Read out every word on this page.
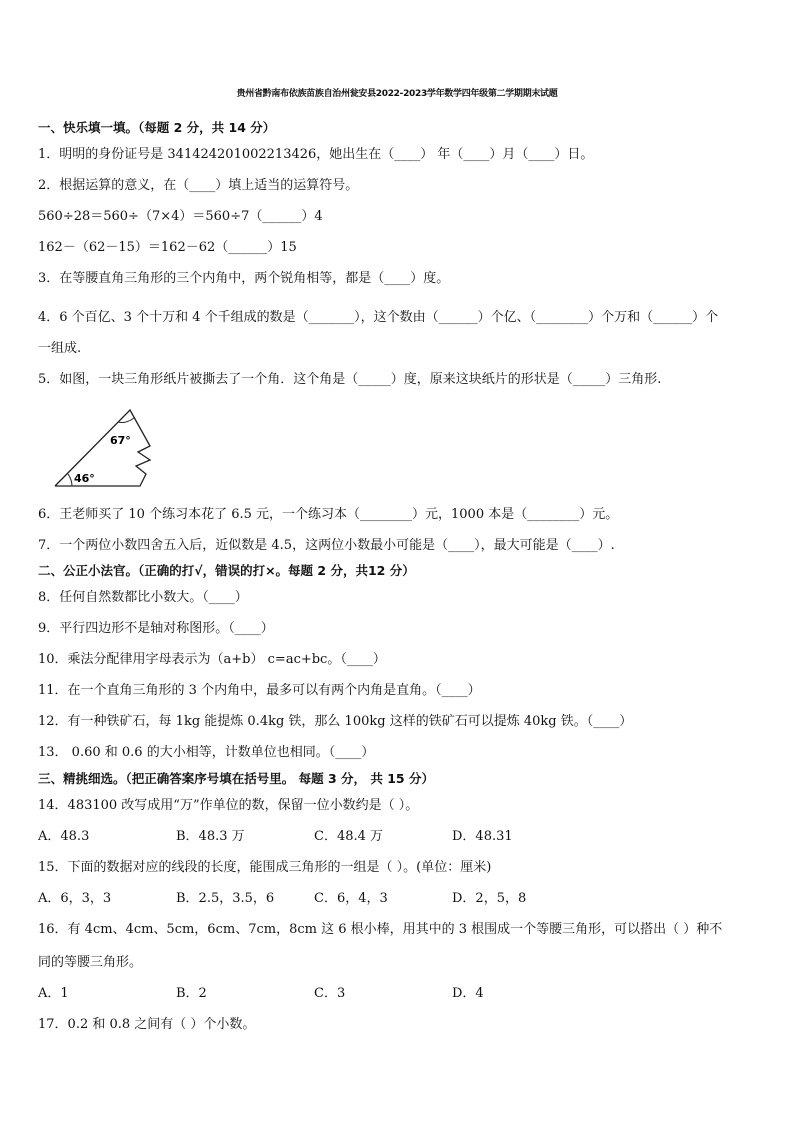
贵州省黔南布依族苗族自治州瓮安县2022-2023学年数学四年级第二学期期末试题
一、快乐填一填。（每题 2 分，共 14 分）
1．明明的身份证号是 341424201002213426，她出生在（____） 年（____）月（____）日。
2．根据运算的意义，在（____）填上适当的运算符号。
560÷28＝560÷（7×4）＝560÷7（______）4
162－（62－15）＝162－62（______）15
3．在等腰直角三角形的三个内角中，两个锐角相等，都是（____）度。
4．6 个百亿、3 个十万和 4 个千组成的数是（_______），这个数由（______）个亿、（________）个万和（______）个
一组成.
5．如图，一块三角形纸片被撕去了一个角．这个角是（_____）度，原来这块纸片的形状是（_____）三角形.
67°
46°
6．王老师买了 10 个练习本花了 6.5 元，一个练习本（________）元，1000 本是（________）元。
7．一个两位小数四舍五入后，近似数是 4.5，这两位小数最小可能是（____），最大可能是（____）.
二、公正小法官。（正确的打√，错误的打×。每题 2 分，共12 分）
8．任何自然数都比小数大。（____）
9．平行四边形不是轴对称图形。（____）
10．乘法分配律用字母表示为（a+b） c=ac+bc。（____）
11．在一个直角三角形的 3 个内角中，最多可以有两个内角是直角。（____）
12．有一种铁矿石，每 1kg 能提炼 0.4kg 铁，那么 100kg 这样的铁矿石可以提炼 40kg 铁。（____）
13． 0.60 和 0.6 的大小相等，计数单位也相同。（____）
三、精挑细选。（把正确答案序号填在括号里。 每题 3 分， 共 15 分）
14．483100 改写成用“万”作单位的数，保留一位小数约是（ ）。
A．48.3	B．48.3 万	C．48.4 万	D．48.31
15．下面的数据对应的线段的长度，能围成三角形的一组是（ ）。(单位：厘米)
A．6，3，3	B．2.5，3.5，6	C．6，4，3	D．2，5，8
16．有 4cm、4cm、5cm，6cm、7cm，8cm 这 6 根小棒，用其中的 3 根围成一个等腰三角形，可以搭出（ ）种不
同的等腰三角形。
A．1	B．2	C．3	D．4
17．0.2 和 0.8 之间有（ ）个小数。
